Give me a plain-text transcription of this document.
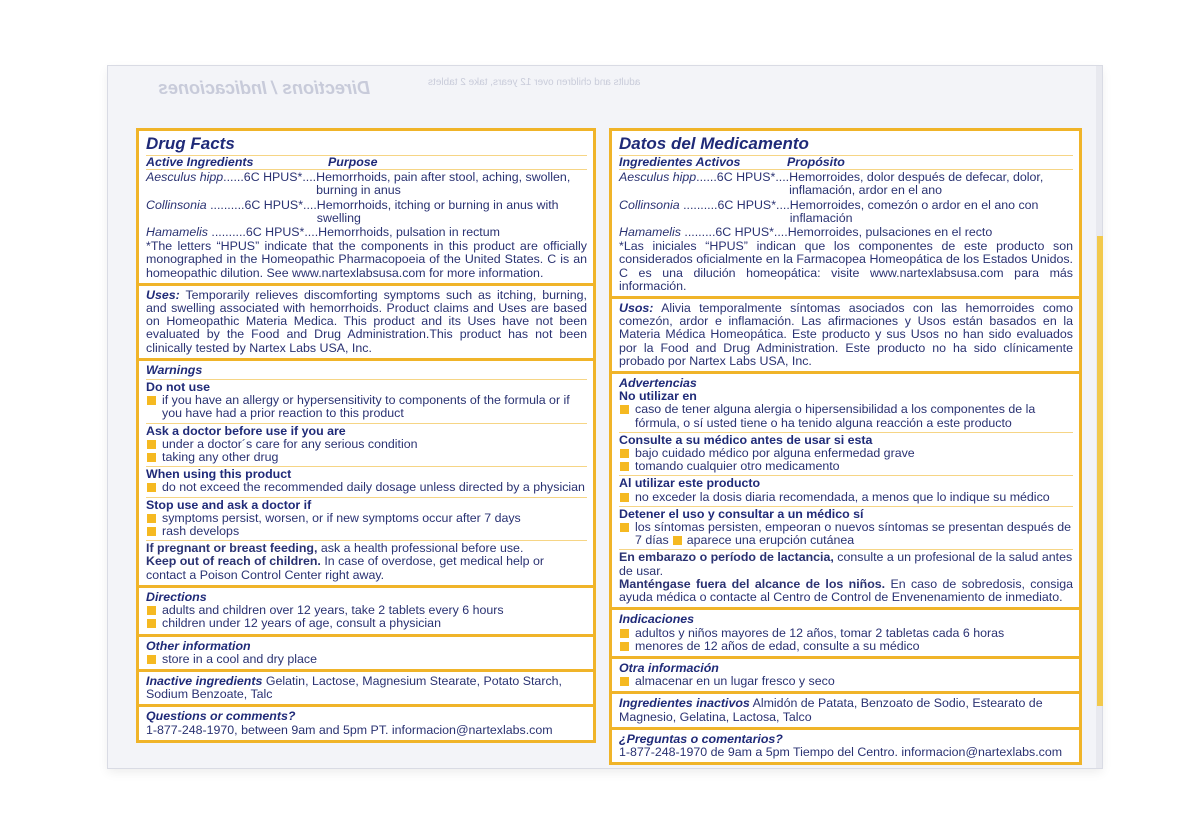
Directions / Indicaciones	adults and children over 12 years, take 2 tablets
Drug Facts
Active Ingredients	Purpose
Aesculus hipp......6C HPUS*.... Hemorrhoids, pain after stool, aching, swollen, burning in anus
Collinsonia ..........6C HPUS*.... Hemorrhoids, itching or burning in anus with swelling
Hamamelis ..........6C HPUS*.... Hemorrhoids, pulsation in rectum
*The letters “HPUS” indicate that the components in this product are officially monographed in the Homeopathic Pharmacopoeia of the United States. C is an homeopathic dilution. See www.nartexlabsusa.com for more information.
Uses: Temporarily relieves discomforting symptoms such as itching, burning, and swelling associated with hemorrhoids. Product claims and Uses are based on Homeopathic Materia Medica. This product and its Uses have not been evaluated by the Food and Drug Administration.This product has not been clinically tested by Nartex Labs USA, Inc.
Warnings
Do not use
if you have an allergy or hypersensitivity to components of the formula or if you have had a prior reaction to this product
Ask a doctor before use if you are
under a doctor´s care for any serious condition
taking any other drug
When using this product
do not exceed the recommended daily dosage unless directed by a physician
Stop use and ask a doctor if
symptoms persist, worsen, or if new symptoms occur after 7 days
rash develops
If pregnant or breast feeding, ask a health professional before use.
Keep out of reach of children. In case of overdose, get medical help or contact a Poison Control Center right away.
Directions
adults and children over 12 years, take 2 tablets every 6 hours
children under 12 years of age, consult a physician
Other information
store in a cool and dry place
Inactive ingredients Gelatin, Lactose, Magnesium Stearate, Potato Starch, Sodium Benzoate, Talc
Questions or comments?
1-877-248-1970, between 9am and 5pm PT. informacion@nartexlabs.com
Datos del Medicamento
Ingredientes Activos	Propósito
Aesculus hipp......6C HPUS*.... Hemorroides, dolor después de defecar, dolor, inflamación, ardor en el ano
Collinsonia ..........6C HPUS*.... Hemorroides, comezón o ardor en el ano con inflamación
Hamamelis .........6C HPUS*.... Hemorroides, pulsaciones en el recto
*Las iniciales “HPUS” indican que los componentes de este producto son considerados oficialmente en la Farmacopea Homeopática de los Estados Unidos. C es una dilución homeopática: visite www.nartexlabsusa.com para más información.
Usos: Alivia temporalmente síntomas asociados con las hemorroides como comezón, ardor e inflamación. Las afirmaciones y Usos están basados en la Materia Médica Homeopática. Este producto y sus Usos no han sido evaluados por la Food and Drug Administration. Este producto no ha sido clínicamente probado por Nartex Labs USA, Inc.
Advertencias
No utilizar en
caso de tener alguna alergia o hipersensibilidad a los componentes de la fórmula, o sí usted tiene o ha tenido alguna reacción a este producto
Consulte a su médico antes de usar si esta
bajo cuidado médico por alguna enfermedad grave
tomando cualquier otro medicamento
Al utilizar este producto
no exceder la dosis diaria recomendada, a menos que lo indique su médico
Detener el uso y consultar a un médico sí
los síntomas persisten, empeoran o nuevos síntomas se presentan después de 7 días aparece una erupción cutánea
En embarazo o período de lactancia, consulte a un profesional de la salud antes de usar.
Manténgase fuera del alcance de los niños. En caso de sobredosis, consiga ayuda médica o contacte al Centro de Control de Envenenamiento de inmediato.
Indicaciones
adultos y niños mayores de 12 años, tomar 2 tabletas cada 6 horas
menores de 12 años de edad, consulte a su médico
Otra información
almacenar en un lugar fresco y seco
Ingredientes inactivos Almidón de Patata, Benzoato de Sodio, Estearato de Magnesio, Gelatina, Lactosa, Talco
¿Preguntas o comentarios?
1-877-248-1970 de 9am a 5pm Tiempo del Centro. informacion@nartexlabs.com
